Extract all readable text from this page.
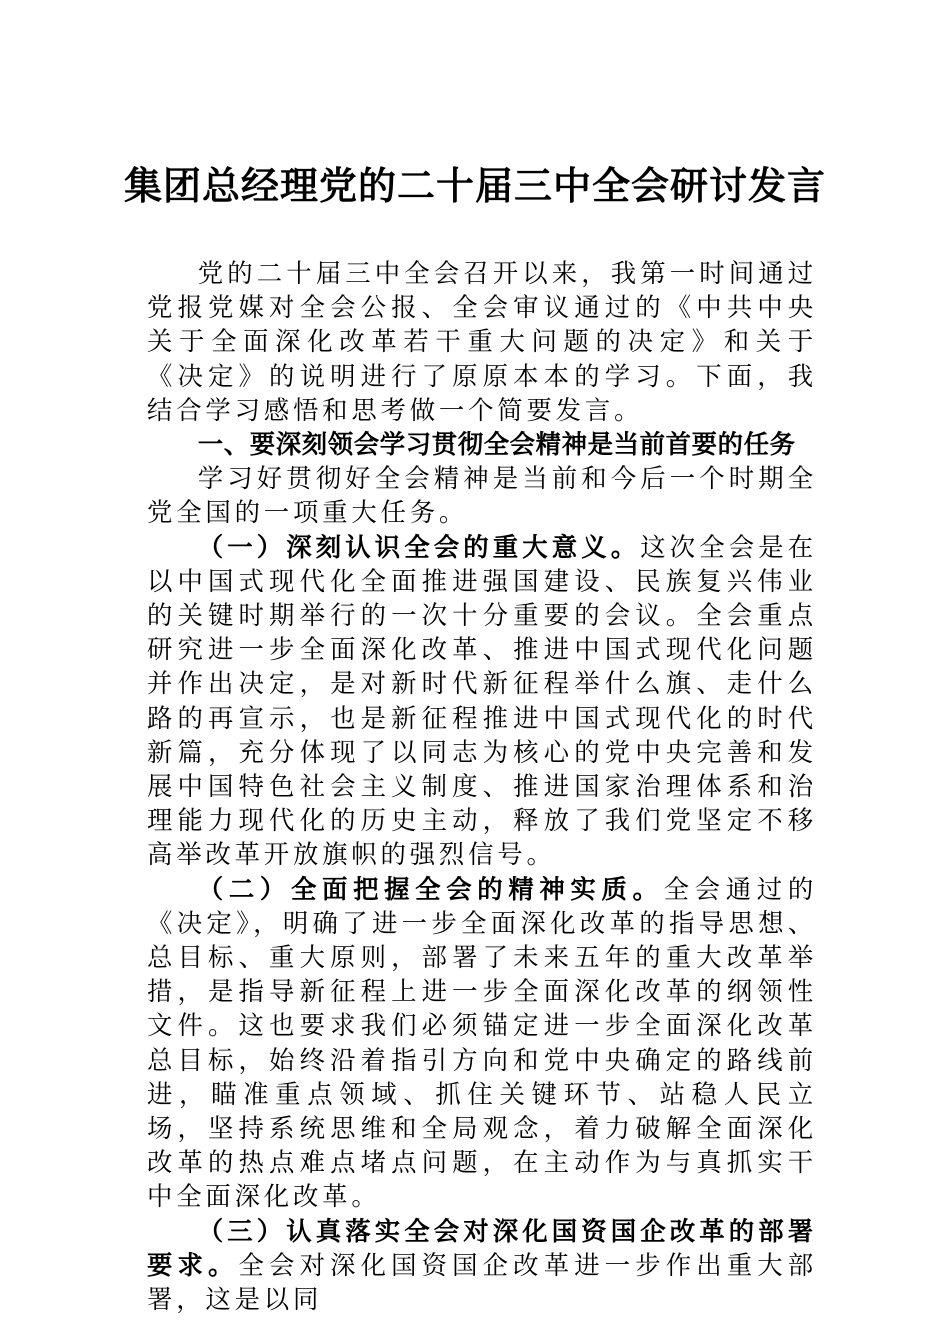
集团总经理党的二十届三中全会研讨发言

党的二十届三中全会召开以来，我第一时间通过党报党媒对全会公报、全会审议通过的《中共中央关于全面深化改革若干重大问题的决定》和关于《决定》的说明进行了原原本本的学习。下面，我结合学习感悟和思考做一个简要发言。

一、要深刻领会学习贯彻全会精神是当前首要的任务

学习好贯彻好全会精神是当前和今后一个时期全党全国的一项重大任务。

（一）深刻认识全会的重大意义。这次全会是在以中国式现代化全面推进强国建设、民族复兴伟业的关键时期举行的一次十分重要的会议。全会重点研究进一步全面深化改革、推进中国式现代化问题并作出决定，是对新时代新征程举什么旗、走什么路的再宣示，也是新征程推进中国式现代化的时代新篇，充分体现了以同志为核心的党中央完善和发展中国特色社会主义制度、推进国家治理体系和治理能力现代化的历史主动，释放了我们党坚定不移高举改革开放旗帜的强烈信号。

（二）全面把握全会的精神实质。全会通过的《决定》，明确了进一步全面深化改革的指导思想、总目标、重大原则，部署了未来五年的重大改革举措，是指导新征程上进一步全面深化改革的纲领性文件。这也要求我们必须锚定进一步全面深化改革总目标，始终沿着指引方向和党中央确定的路线前进，瞄准重点领域、抓住关键环节、站稳人民立场，坚持系统思维和全局观念，着力破解全面深化改革的热点难点堵点问题，在主动作为与真抓实干中全面深化改革。

（三）认真落实全会对深化国资国企改革的部署要求。全会对深化国资国企改革进一步作出重大部署，这是以同
